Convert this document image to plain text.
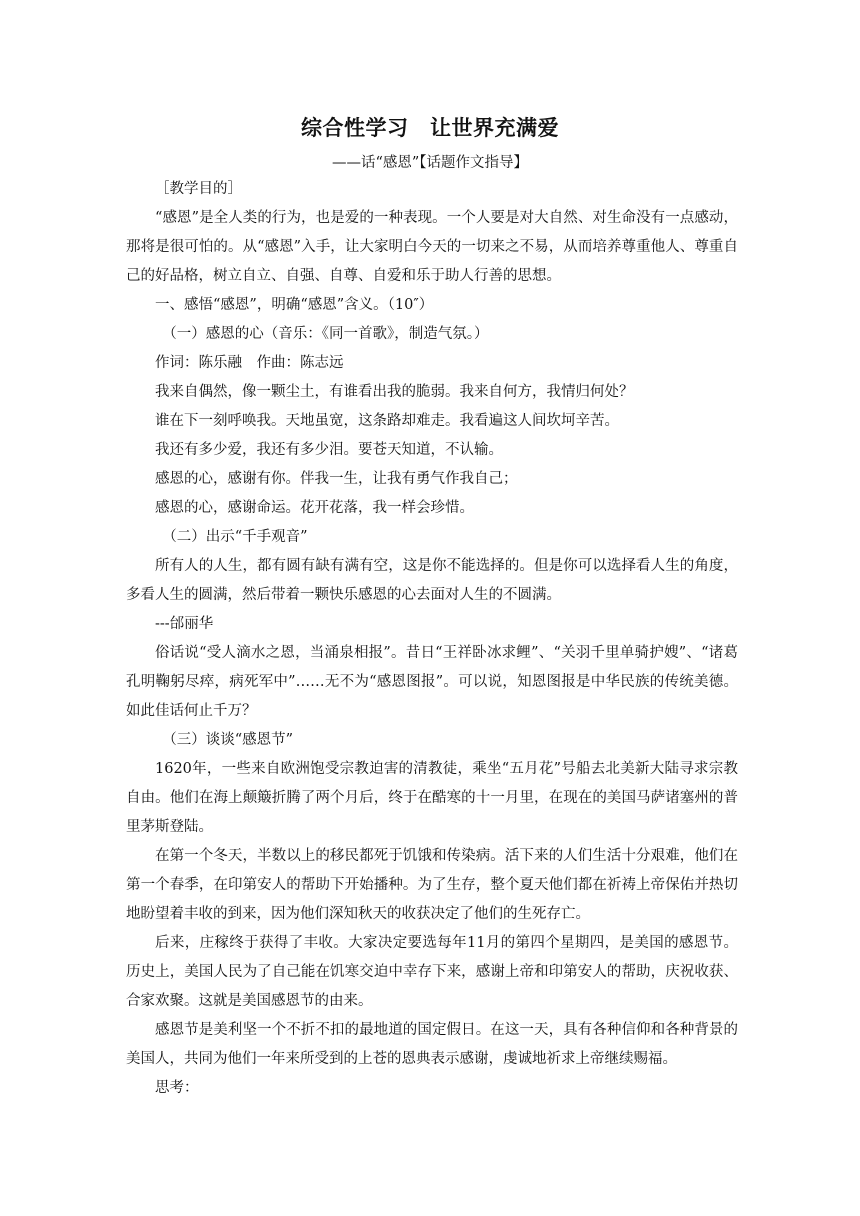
综合性学习　让世界充满爱
——话“感恩”【话题作文指导】

［教学目的］

“感恩”是全人类的行为，也是爱的一种表现。一个人要是对大自然、对生命没有一点感动，那将是很可怕的。从“感恩”入手，让大家明白今天的一切来之不易，从而培养尊重他人、尊重自己的好品格，树立自立、自强、自尊、自爱和乐于助人行善的思想。

一、感悟“感恩”，明确“感恩”含义。（10″）

（一）感恩的心（音乐：《同一首歌》，制造气氛。）

作词：陈乐融　作曲：陈志远

我来自偶然，像一颗尘土，有谁看出我的脆弱。我来自何方，我情归何处？

谁在下一刻呼唤我。天地虽宽，这条路却难走。我看遍这人间坎坷辛苦。

我还有多少爱，我还有多少泪。要苍天知道，不认输。

感恩的心，感谢有你。伴我一生，让我有勇气作我自己；

感恩的心，感谢命运。花开花落，我一样会珍惜。

（二）出示“千手观音”

所有人的人生，都有圆有缺有满有空，这是你不能选择的。但是你可以选择看人生的角度，多看人生的圆满，然后带着一颗快乐感恩的心去面对人生的不圆满。

---邰丽华

俗话说“受人滴水之恩，当涌泉相报”。昔日“王祥卧冰求鲤”、“关羽千里单骑护嫂”、“诸葛孔明鞠躬尽瘁，病死军中”……无不为“感恩图报”。可以说，知恩图报是中华民族的传统美德。如此佳话何止千万？

（三）谈谈“感恩节”

1620年，一些来自欧洲饱受宗教迫害的清教徒，乘坐“五月花”号船去北美新大陆寻求宗教自由。他们在海上颠簸折腾了两个月后，终于在酷寒的十一月里，在现在的美国马萨诸塞州的普里茅斯登陆。

在第一个冬天，半数以上的移民都死于饥饿和传染病。活下来的人们生活十分艰难，他们在第一个春季，在印第安人的帮助下开始播种。为了生存，整个夏天他们都在祈祷上帝保佑并热切地盼望着丰收的到来，因为他们深知秋天的收获决定了他们的生死存亡。

后来，庄稼终于获得了丰收。大家决定要选每年11月的第四个星期四，是美国的感恩节。历史上，美国人民为了自己能在饥寒交迫中幸存下来，感谢上帝和印第安人的帮助，庆祝收获、合家欢聚。这就是美国感恩节的由来。

感恩节是美利坚一个不折不扣的最地道的国定假日。在这一天，具有各种信仰和各种背景的美国人，共同为他们一年来所受到的上苍的恩典表示感谢，虔诚地祈求上帝继续赐福。

思考：
